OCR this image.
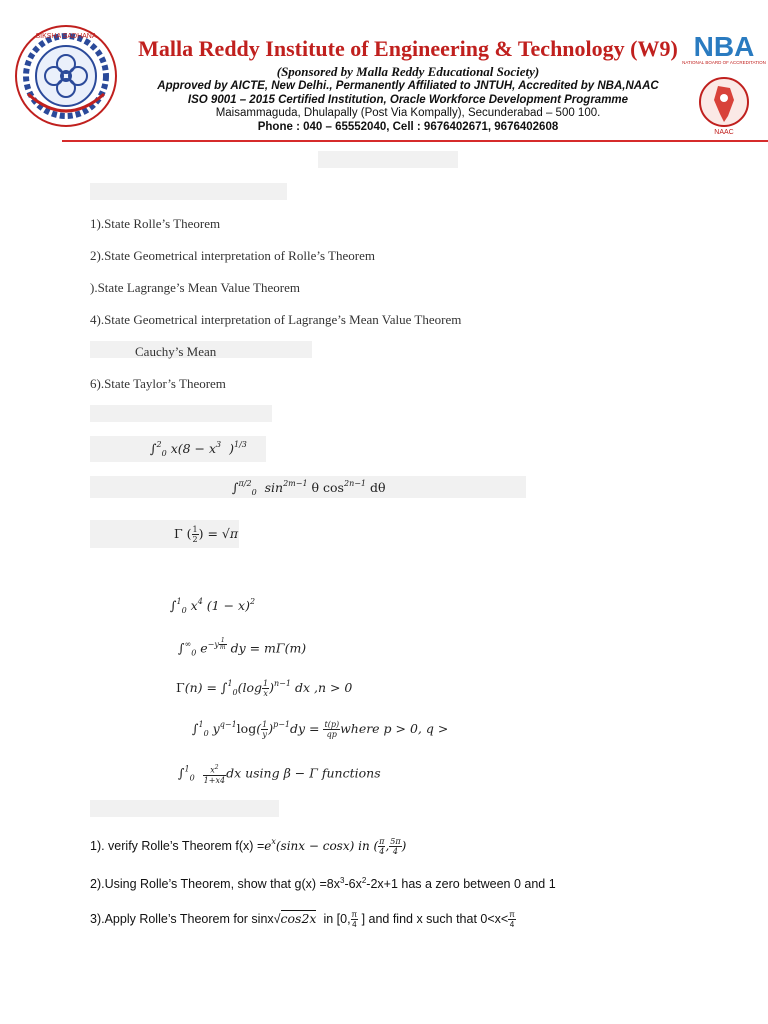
SIKSHA SADHANA	Malla Reddy Institute of Engineering & Technology (W9)
(Sponsored by Malla Reddy Educational Society)
Approved by AICTE, New Delhi., Permanently Affiliated to JNTUH, Accredited by NBA,NAAC
ISO 9001 – 2015 Certified Institution, Oracle Workforce Development Programme
Maisammaguda, Dhulapally (Post Via Kompally), Secunderabad – 500 100.
Phone : 040 – 65552040, Cell : 9676402671, 9676402608
NBA
NATIONAL BOARD OF ACCREDITATION
NAAC
1).State Rolle’s Theorem
2).State Geometrical interpretation of Rolle’s Theorem
).State Lagrange’s Mean Value Theorem
4).State Geometrical interpretation of Lagrange’s Mean Value Theorem
Cauchy’s Mean
6).State Taylor’s Theorem
∫$^2_0$ $x(8 - x^3$  )$^{1/3}$
∫$^{\pi/2}_0$  $\sin^{2m-1} \theta$ $\cos^{2n-1} d\theta$
Γ ( $\frac{1}{2}$ ) = √π
∫$^1_0$ $x^4$ $(1 - x)^2$
$\int^\infty_0$ $e^{-y \frac{1}{m}}$ dy = mΓ(m)
$\Gamma(n) = \int^1_0(\log \frac{1}{x} )^{n-1}$ dx ,n > 0
∫$^1_0$ $y^{q-1}\log( \frac{1}{y} )^{p-1}dy = \frac{t(p)}{qp}$ where p > 0, q >
$\int^1_0 \frac{x^2}{1+x4}$ dx using β − Γ functions
1). verify Rolle’s Theorem $f(x) =e^x(\sin x - \cos x)$ in ( $\frac{\pi}{4}$ , $\frac{5\pi}{4}$ )
2).Using Rolle’s Theorem, show that $g(x) =8x^3-6x^2-2x+1$ has a zero between 0 and 1
3).Apply Rolle’s Theorem for sinx√cos2x in [0, $\frac{\pi}{4}$ ] and find x such that $0<x< \frac{\pi}{4}$
